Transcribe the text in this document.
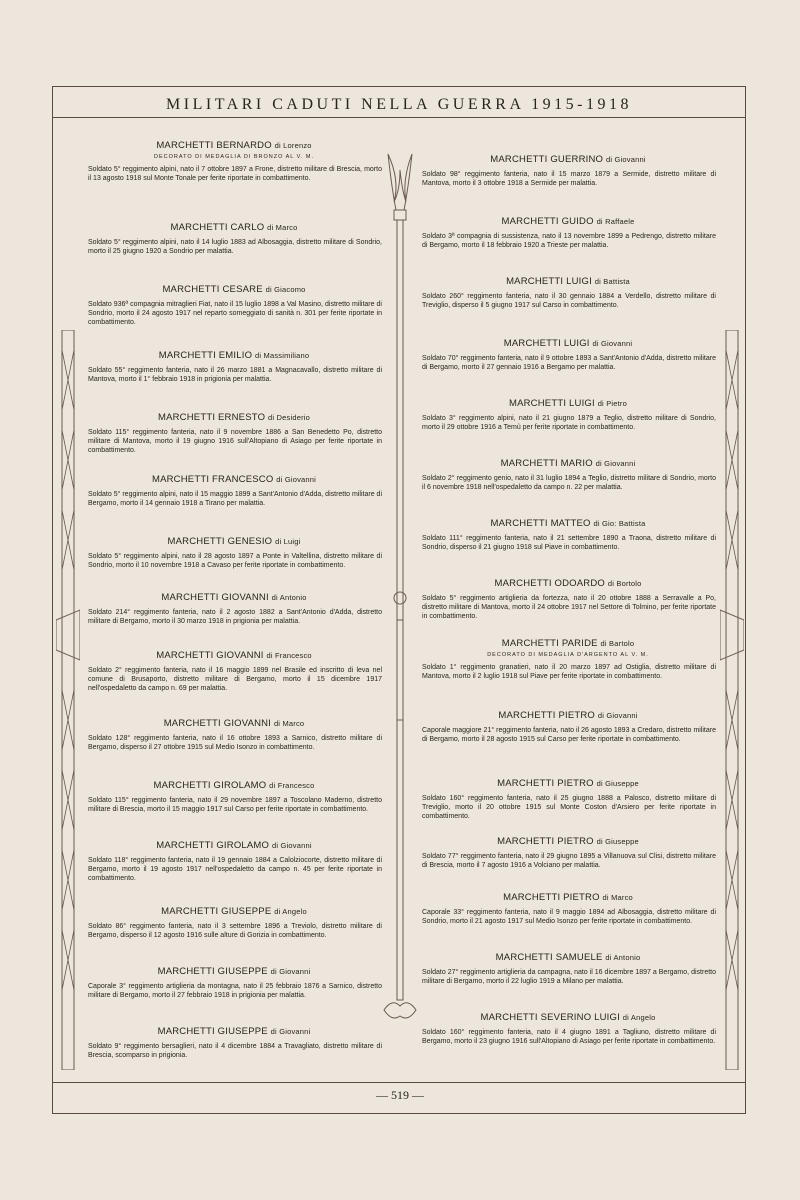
MILITARI CADUTI NELLA GUERRA 1915-1918
MARCHETTI BERNARDO di Lorenzo
DECORATO DI MEDAGLIA DI BRONZO AL V. M.
Soldato 5° reggimento alpini, nato il 7 ottobre 1897 a Frone, distretto militare di Brescia, morto il 13 agosto 1918 sul Monte Tonale per ferite riportate in combattimento.
MARCHETTI CARLO di Marco
Soldato 5° reggimento alpini, nato il 14 luglio 1883 ad Albosaggia, distretto militare di Sondrio, morto il 25 giugno 1920 a Sondrio per malattia.
MARCHETTI CESARE di Giacomo
Soldato 936ª compagnia mitraglieri Fiat, nato il 15 luglio 1898 a Val Masino, distretto militare di Sondrio, morto il 24 agosto 1917 nel reparto someggiato di sanità n. 301 per ferite riportate in combattimento.
MARCHETTI EMILIO di Massimiliano
Soldato 55° reggimento fanteria, nato il 26 marzo 1881 a Magnacavallo, distretto militare di Mantova, morto il 1° febbraio 1918 in prigionia per malattia.
MARCHETTI ERNESTO di Desiderio
Soldato 115° reggimento fanteria, nato il 9 novembre 1886 a San Benedetto Po, distretto militare di Mantova, morto il 19 giugno 1916 sull'Altopiano di Asiago per ferite riportate in combattimento.
MARCHETTI FRANCESCO di Giovanni
Soldato 5° reggimento alpini, nato il 15 maggio 1899 a Sant'Antonio d'Adda, distretto militare di Bergamo, morto il 14 gennaio 1918 a Tirano per malattia.
MARCHETTI GENESIO di Luigi
Soldato 5° reggimento alpini, nato il 28 agosto 1897 a Ponte in Valtellina, distretto militare di Sondrio, morto il 10 novembre 1918 a Cavaso per ferite riportate in combattimento.
MARCHETTI GIOVANNI di Antonio
Soldato 214° reggimento fanteria, nato il 2 agosto 1882 a Sant'Antonio d'Adda, distretto militare di Bergamo, morto il 30 marzo 1918 in prigionia per malattia.
MARCHETTI GIOVANNI di Francesco
Soldato 2° reggimento fanteria, nato il 16 maggio 1899 nel Brasile ed inscritto di leva nel comune di Brusaporto, distretto militare di Bergamo, morto il 15 dicembre 1917 nell'ospedaletto da campo n. 69 per malattia.
MARCHETTI GIOVANNI di Marco
Soldato 128° reggimento fanteria, nato il 16 ottobre 1893 a Sarnico, distretto militare di Bergamo, disperso il 27 ottobre 1915 sul Medio Isonzo in combattimento.
MARCHETTI GIROLAMO di Francesco
Soldato 115° reggimento fanteria, nato il 29 novembre 1897 a Toscolano Maderno, distretto militare di Brescia, morto il 15 maggio 1917 sul Carso per ferite riportate in combattimento.
MARCHETTI GIROLAMO di Giovanni
Soldato 118° reggimento fanteria, nato il 19 gennaio 1884 a Calolziocorte, distretto militare di Bergamo, morto il 19 agosto 1917 nell'ospedaletto da campo n. 45 per ferite riportate in combattimento.
MARCHETTI GIUSEPPE di Angelo
Soldato 86° reggimento fanteria, nato il 3 settembre 1896 a Treviolo, distretto militare di Bergamo, disperso il 12 agosto 1916 sulle alture di Gorizia in combattimento.
MARCHETTI GIUSEPPE di Giovanni
Caporale 3° reggimento artiglieria da montagna, nato il 25 febbraio 1876 a Sarnico, distretto militare di Bergamo, morto il 27 febbraio 1918 in prigionia per malattia.
MARCHETTI GIUSEPPE di Giovanni
Soldato 9° reggimento bersaglieri, nato il 4 dicembre 1884 a Travagliato, distretto militare di Brescia, scomparso in prigionia.
MARCHETTI GUERRINO di Giovanni
Soldato 98° reggimento fanteria, nato il 15 marzo 1879 a Sermide, distretto militare di Mantova, morto il 3 ottobre 1918 a Sermide per malattia.
MARCHETTI GUIDO di Raffaele
Soldato 3ª compagnia di sussistenza, nato il 13 novembre 1899 a Pedrengo, distretto militare di Bergamo, morto il 18 febbraio 1920 a Trieste per malattia.
MARCHETTI LUIGI di Battista
Soldato 260° reggimento fanteria, nato il 30 gennaio 1884 a Verdello, distretto militare di Treviglio, disperso il 5 giugno 1917 sul Carso in combattimento.
MARCHETTI LUIGI di Giovanni
Soldato 70° reggimento fanteria, nato il 9 ottobre 1893 a Sant'Antonio d'Adda, distretto militare di Bergamo, morto il 27 gennaio 1916 a Bergamo per malattia.
MARCHETTI LUIGI di Pietro
Soldato 3° reggimento alpini, nato il 21 giugno 1879 a Teglio, distretto militare di Sondrio, morto il 29 ottobre 1916 a Temù per ferite riportate in combattimento.
MARCHETTI MARIO di Giovanni
Soldato 2° reggimento genio, nato il 31 luglio 1894 a Teglio, distretto militare di Sondrio, morto il 6 novembre 1918 nell'ospedaletto da campo n. 22 per malattia.
MARCHETTI MATTEO di Gio: Battista
Soldato 111° reggimento fanteria, nato il 21 settembre 1890 a Traona, distretto militare di Sondrio, disperso il 21 giugno 1918 sul Piave in combattimento.
MARCHETTI ODOARDO di Bortolo
Soldato 5° reggimento artiglieria da fortezza, nato il 20 ottobre 1888 a Serravalle a Po, distretto militare di Mantova, morto il 24 ottobre 1917 nel Settore di Tolmino, per ferite riportate in combattimento.
MARCHETTI PARIDE di Bartolo
DECORATO DI MEDAGLIA D'ARGENTO AL V. M.
Soldato 1° reggimento granatieri, nato il 20 marzo 1897 ad Ostiglia, distretto militare di Mantova, morto il 2 luglio 1918 sul Piave per ferite riportate in combattimento.
MARCHETTI PIETRO di Giovanni
Caporale maggiore 21° reggimento fanteria, nato il 26 agosto 1893 a Credaro, distretto militare di Bergamo, morto il 28 agosto 1915 sul Carso per ferite riportate in combattimento.
MARCHETTI PIETRO di Giuseppe
Soldato 160° reggimento fanteria, nato il 25 giugno 1888 a Palosco, distretto militare di Treviglio, morto il 20 ottobre 1915 sul Monte Coston d'Arsiero per ferite riportate in combattimento.
MARCHETTI PIETRO di Giuseppe
Soldato 77° reggimento fanteria, nato il 29 giugno 1895 a Villanuova sul Clisi, distretto militare di Brescia, morto il 7 agosto 1916 a Volciano per malattia.
MARCHETTI PIETRO di Marco
Caporale 33° reggimento fanteria, nato il 9 maggio 1894 ad Albosaggia, distretto militare di Sondrio, morto il 21 agosto 1917 sul Medio Isonzo per ferite riportate in combattimento.
MARCHETTI SAMUELE di Antonio
Soldato 27° reggimento artiglieria da campagna, nato il 16 dicembre 1897 a Bergamo, distretto militare di Bergamo, morto il 22 luglio 1919 a Milano per malattia.
MARCHETTI SEVERINO LUIGI di Angelo
Soldato 160° reggimento fanteria, nato il 4 giugno 1891 a Tagliuno, distretto militare di Bergamo, morto il 23 giugno 1916 sull'Altopiano di Asiago per ferite riportate in combattimento.
— 519 —
